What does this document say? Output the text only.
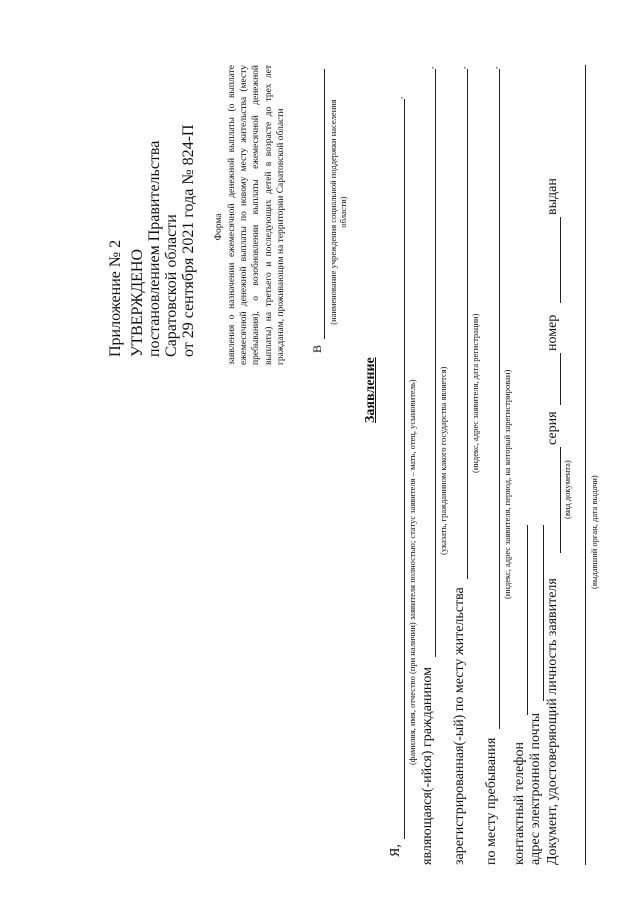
Приложение № 2 УТВЕРЖДЕНО постановлением Правительства Саратовской области от 29 сентября 2021 года № 824-П Форма заявления о назначении ежемесячной денежной выплаты (о выплате ежемесячной денежной выплаты по новому месту жительства (месту пребывания), о возобновлении выплаты ежемесячной денежной выплаты) на третьего и последующих детей в возрасте до трех лет гражданам, проживающим на территории Саратовской области В
(наименование учреждения социальной поддержки населения области)
Заявление
Я,
,
(фамилия, имя, отчество (при наличии) заявителя полностью; статус заявителя – мать, отец, усыновитель)
являющаяся(-ийся) гражданином
,
(указать, гражданином какого государства является)
зарегистрированная(-ый) по месту жительства
,
(индекс, адрес заявителя, дата регистрации)
по месту пребывания
,
(индекс, адрес заявителя, период, на который зарегистрирован)
контактный телефон адрес электронной почты Документ, удостоверяющий личность заявителя
серия
номер
выдан
(вид документа) (выдавший орган, дата выдачи)
